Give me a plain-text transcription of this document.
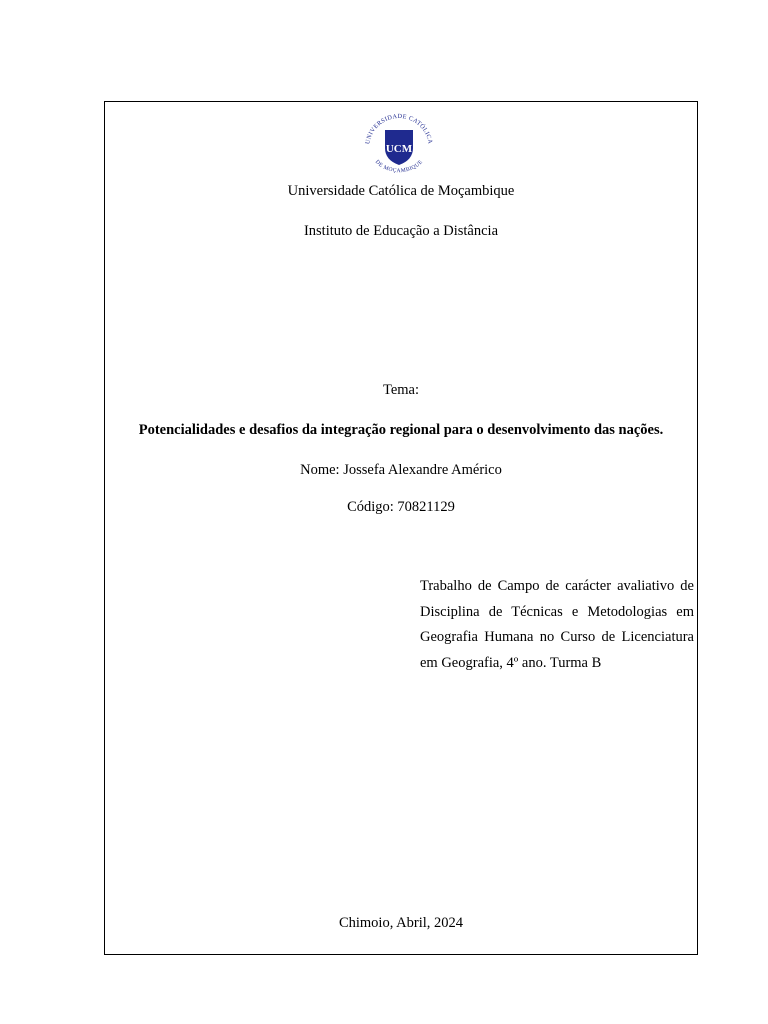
UNIVERSIDADE CATÓLICA
DE MOÇAMBIQUE
UCM
Universidade Católica de Moçambique
Instituto de Educação a Distância
Tema:
Potencialidades e desafios da integração regional para o desenvolvimento das nações.
Nome: Jossefa Alexandre Américo
Código: 70821129
Trabalho de Campo de carácter avaliativo de Disciplina de Técnicas e Metodologias em Geografia Humana no Curso de Licenciatura em Geografia, 4º ano. Turma B
Chimoio, Abril, 2024
